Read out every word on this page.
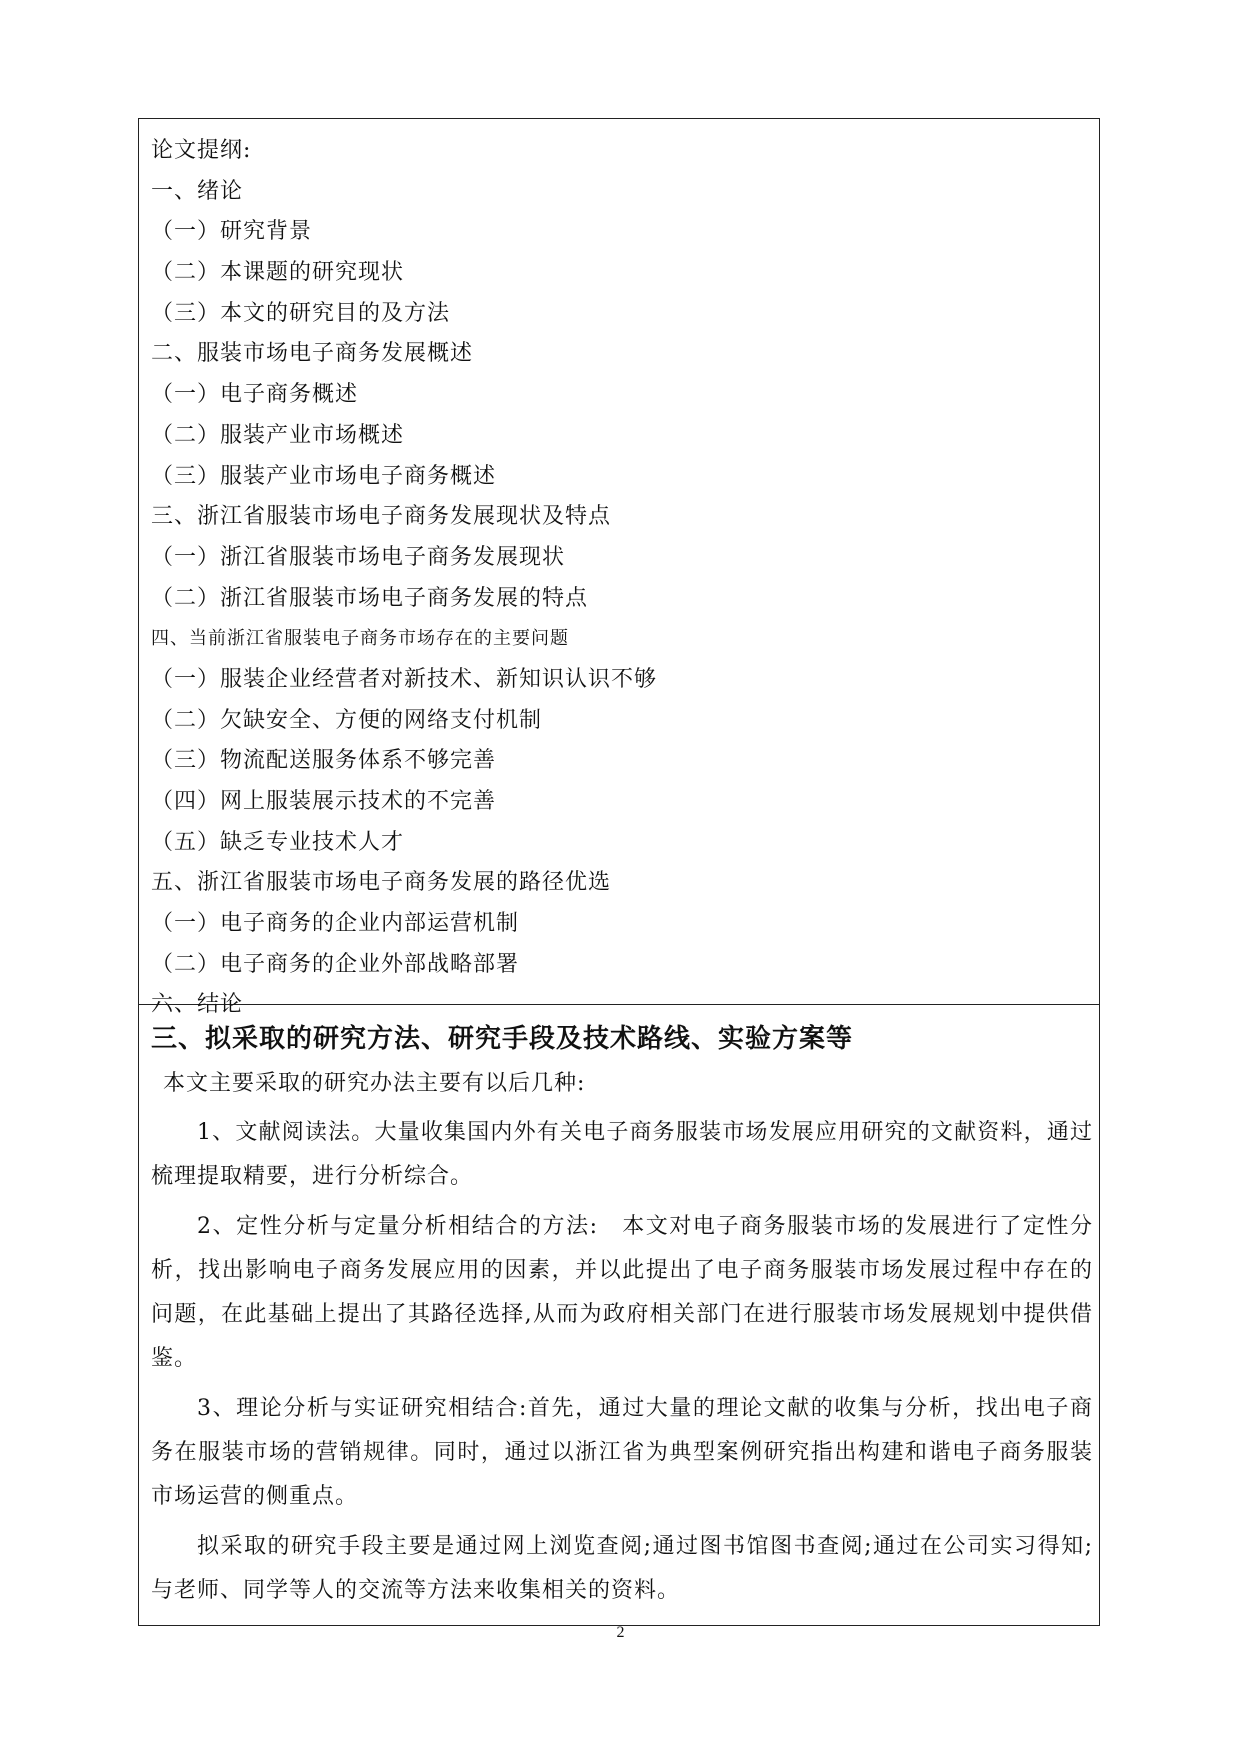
论文提纲:
一、绪论
（一）研究背景
（二）本课题的研究现状
（三）本文的研究目的及方法
二、服装市场电子商务发展概述
（一）电子商务概述
（二）服装产业市场概述
（三）服装产业市场电子商务概述
三、浙江省服装市场电子商务发展现状及特点
（一）浙江省服装市场电子商务发展现状
（二）浙江省服装市场电子商务发展的特点
四、当前浙江省服装电子商务市场存在的主要问题
（一）服装企业经营者对新技术、新知识认识不够
（二）欠缺安全、方便的网络支付机制
（三）物流配送服务体系不够完善
（四）网上服装展示技术的不完善
（五）缺乏专业技术人才
五、浙江省服装市场电子商务发展的路径优选
（一）电子商务的企业内部运营机制
（二）电子商务的企业外部战略部署
六、结论
三、拟采取的研究方法、研究手段及技术路线、实验方案等
本文主要采取的研究办法主要有以后几种:

1、文献阅读法。大量收集国内外有关电子商务服装市场发展应用研究的文献资料，通过梳理提取精要，进行分析综合。

2、定性分析与定量分析相结合的方法:　本文对电子商务服装市场的发展进行了定性分析，找出影响电子商务发展应用的因素，并以此提出了电子商务服装市场发展过程中存在的问题，在此基础上提出了其路径选择,从而为政府相关部门在进行服装市场发展规划中提供借鉴。

3、理论分析与实证研究相结合:首先，通过大量的理论文献的收集与分析，找出电子商务在服装市场的营销规律。同时，通过以浙江省为典型案例研究指出构建和谐电子商务服装市场运营的侧重点。

拟采取的研究手段主要是通过网上浏览查阅;通过图书馆图书查阅;通过在公司实习得知;与老师、同学等人的交流等方法来收集相关的资料。

2
